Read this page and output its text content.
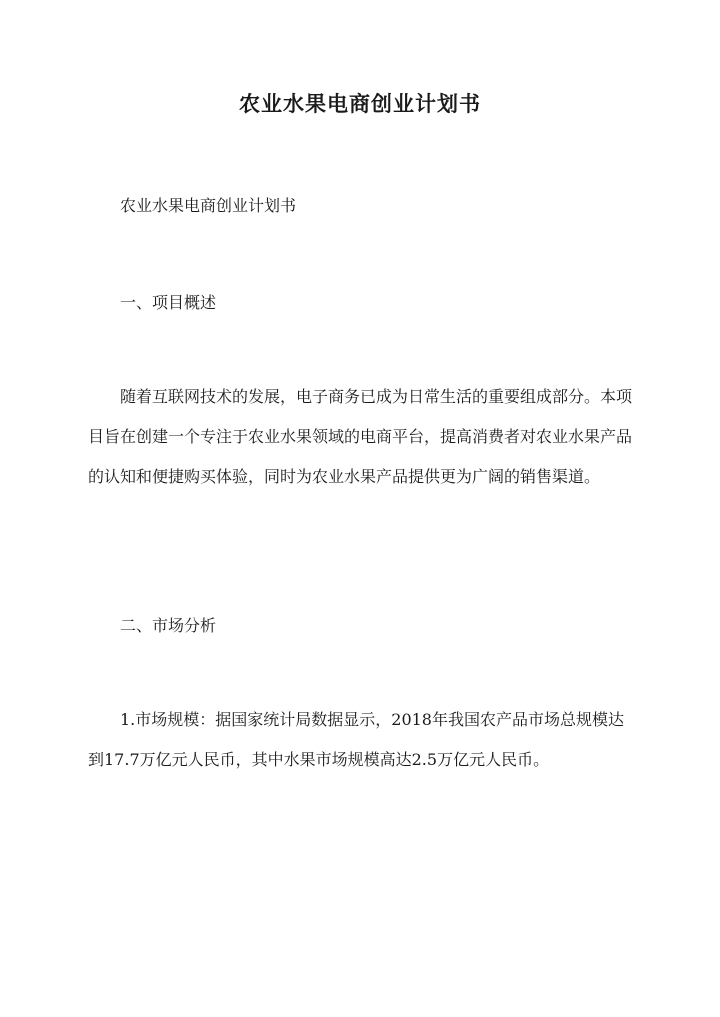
农业水果电商创业计划书

农业水果电商创业计划书

一、项目概述

随着互联网技术的发展，电子商务已成为日常生活的重要组成部分。本项目旨在创建一个专注于农业水果领域的电商平台，提高消费者对农业水果产品的认知和便捷购买体验，同时为农业水果产品提供更为广阔的销售渠道。

二、市场分析

1.市场规模：据国家统计局数据显示，2018年我国农产品市场总规模达到17.7万亿元人民币，其中水果市场规模高达2.5万亿元人民币。
